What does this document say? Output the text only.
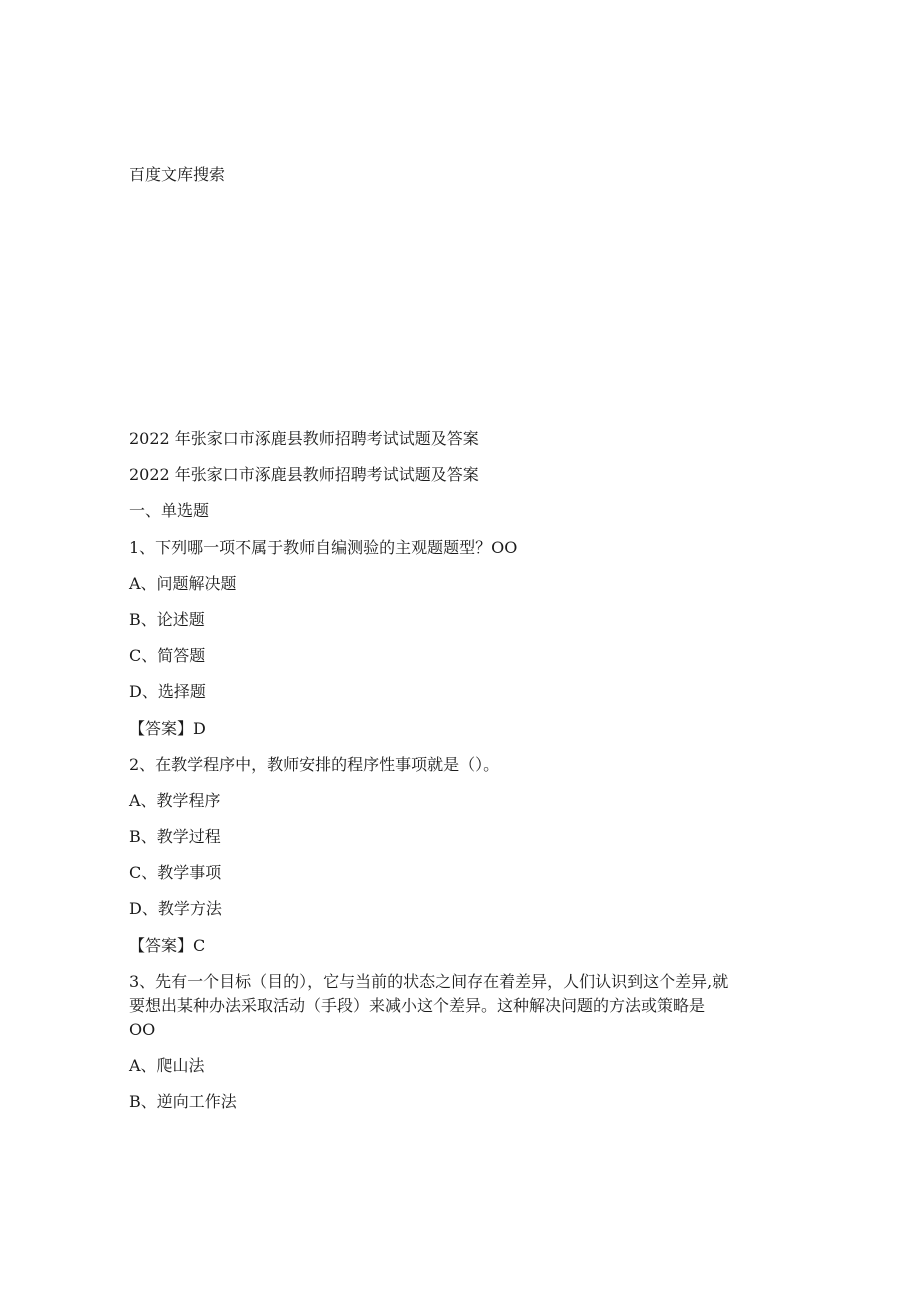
百度文库搜索
2022 年张家口市涿鹿县教师招聘考试试题及答案
2022 年张家口市涿鹿县教师招聘考试试题及答案
一、单选题
1、下列哪一项不属于教师自编测验的主观题题型？OO
A、问题解决题
B、论述题
C、简答题
D、选择题
【答案】D
2、在教学程序中，教师安排的程序性事项就是（）。
A、教学程序
B、教学过程
C、教学事项
D、教学方法
【答案】C
3、先有一个目标（目的），它与当前的状态之间存在着差异，人们认识到这个差异,就
要想出某种办法采取活动（手段）来减小这个差异。这种解决问题的方法或策略是
OO
A、爬山法
B、逆向工作法
